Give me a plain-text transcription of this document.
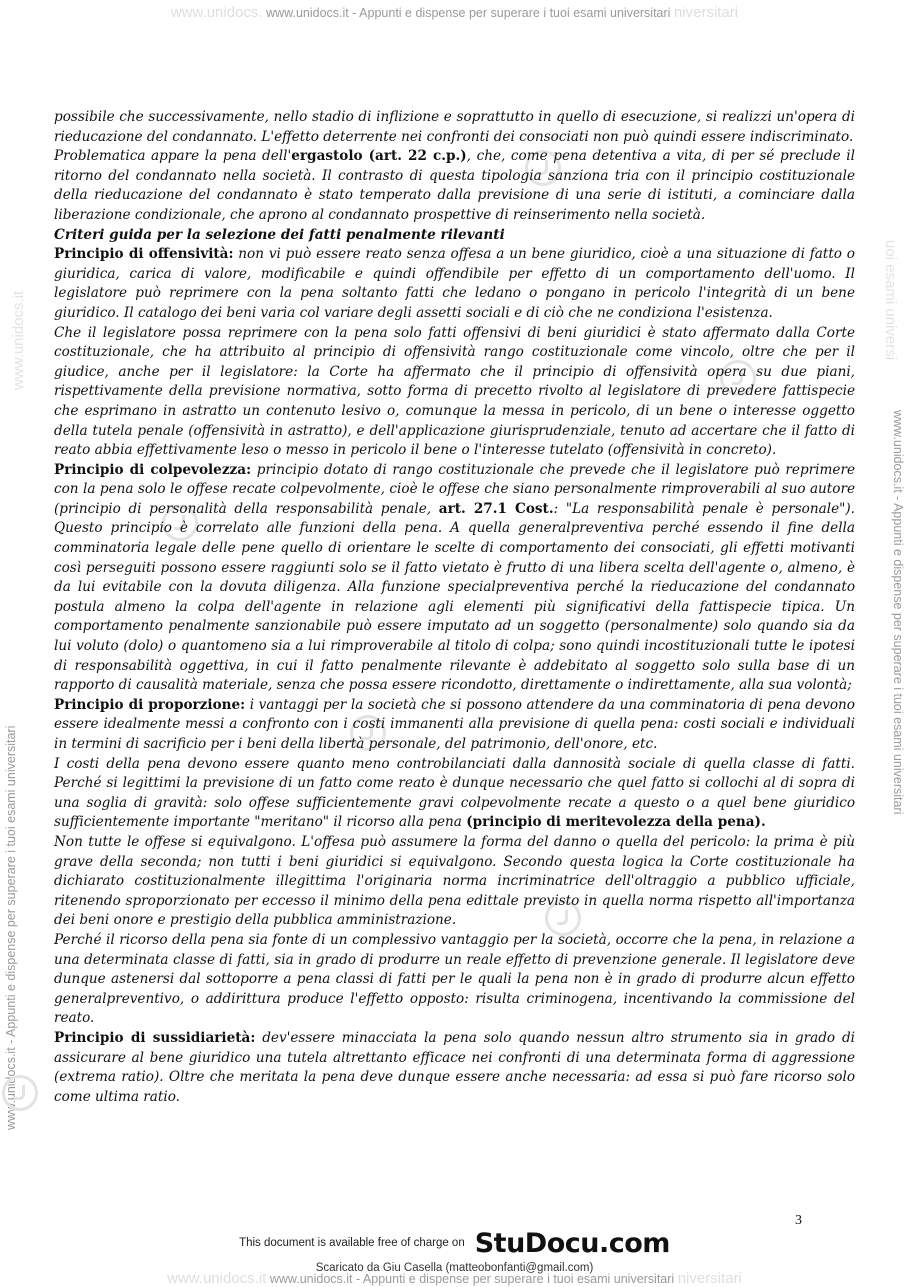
www.unidocs. www.unidocs.it - Appunti e dispense per superare i tuoi esami universitari niversitari
www.unidocs.it - Appunti e dispense per superare i tuoi esami universitari
www.unidocs.it - Appunti e dispense per superare i tuoi esami universitari
www.unidocs.it	uoi esami universi

possibile che successivamente, nello stadio di inflizione e soprattutto in quello di esecuzione, si realizzi un'opera di rieducazione del condannato. L'effetto deterrente nei confronti dei consociati non può quindi essere indiscriminato.

Problematica appare la pena dell'ergastolo (art. 22 c.p.), che, come pena detentiva a vita, di per sé preclude il ritorno del condannato nella società. Il contrasto di questa tipologia sanziona tria con il principio costituzionale della rieducazione del condannato è stato temperato dalla previsione di una serie di istituti, a cominciare dalla liberazione condizionale, che aprono al condannato prospettive di reinserimento nella società.

Criteri guida per la selezione dei fatti penalmente rilevanti

Principio di offensività: non vi può essere reato senza offesa a un bene giuridico, cioè a una situazione di fatto o giuridica, carica di valore, modificabile e quindi offendibile per effetto di un comportamento dell'uomo. Il legislatore può reprimere con la pena soltanto fatti che ledano o pongano in pericolo l'integrità di un bene giuridico. Il catalogo dei beni varia col variare degli assetti sociali e di ciò che ne condiziona l'esistenza.

Che il legislatore possa reprimere con la pena solo fatti offensivi di beni giuridici è stato affermato dalla Corte costituzionale, che ha attribuito al principio di offensività rango costituzionale come vincolo, oltre che per il giudice, anche per il legislatore: la Corte ha affermato che il principio di offensività opera su due piani, rispettivamente della previsione normativa, sotto forma di precetto rivolto al legislatore di prevedere fattispecie che esprimano in astratto un contenuto lesivo o, comunque la messa in pericolo, di un bene o interesse oggetto della tutela penale (offensività in astratto), e dell'applicazione giurisprudenziale, tenuto ad accertare che il fatto di reato abbia effettivamente leso o messo in pericolo il bene o l'interesse tutelato (offensività in concreto).

Principio di colpevolezza: principio dotato di rango costituzionale che prevede che il legislatore può reprimere con la pena solo le offese recate colpevolmente, cioè le offese che siano personalmente rimproverabili al suo autore (principio di personalità della responsabilità penale, art. 27.1 Cost.: "La responsabilità penale è personale"). Questo principio è correlato alle funzioni della pena. A quella generalpreventiva perché essendo il fine della comminatoria legale delle pene quello di orientare le scelte di comportamento dei consociati, gli effetti motivanti così perseguiti possono essere raggiunti solo se il fatto vietato è frutto di una libera scelta dell'agente o, almeno, è da lui evitabile con la dovuta diligenza. Alla funzione specialpreventiva perché la rieducazione del condannato postula almeno la colpa dell'agente in relazione agli elementi più significativi della fattispecie tipica. Un comportamento penalmente sanzionabile può essere imputato ad un soggetto (personalmente) solo quando sia da lui voluto (dolo) o quantomeno sia a lui rimproverabile al titolo di colpa; sono quindi incostituzionali tutte le ipotesi di responsabilità oggettiva, in cui il fatto penalmente rilevante è addebitato al soggetto solo sulla base di un rapporto di causalità materiale, senza che possa essere ricondotto, direttamente o indirettamente, alla sua volontà;

Principio di proporzione: i vantaggi per la società che si possono attendere da una comminatoria di pena devono essere idealmente messi a confronto con i costi immanenti alla previsione di quella pena: costi sociali e individuali in termini di sacrificio per i beni della libertà personale, del patrimonio, dell'onore, etc.

I costi della pena devono essere quanto meno controbilanciati dalla dannosità sociale di quella classe di fatti. Perché si legittimi la previsione di un fatto come reato è dunque necessario che quel fatto si collochi al di sopra di una soglia di gravità: solo offese sufficientemente gravi colpevolmente recate a questo o a quel bene giuridico sufficientemente importante "meritano" il ricorso alla pena (principio di meritevolezza della pena).

Non tutte le offese si equivalgono. L'offesa può assumere la forma del danno o quella del pericolo: la prima è più grave della seconda; non tutti i beni giuridici si equivalgono. Secondo questa logica la Corte costituzionale ha dichiarato costituzionalmente illegittima l'originaria norma incriminatrice dell'oltraggio a pubblico ufficiale, ritenendo sproporzionato per eccesso il minimo della pena edittale previsto in quella norma rispetto all'importanza dei beni onore e prestigio della pubblica amministrazione.

Perché il ricorso della pena sia fonte di un complessivo vantaggio per la società, occorre che la pena, in relazione a una determinata classe di fatti, sia in grado di produrre un reale effetto di prevenzione generale. Il legislatore deve dunque astenersi dal sottoporre a pena classi di fatti per le quali la pena non è in grado di produrre alcun effetto generalpreventivo, o addirittura produce l'effetto opposto: risulta criminogena, incentivando la commissione del reato.

Principio di sussidiarietà: dev'essere minacciata la pena solo quando nessun altro strumento sia in grado di assicurare al bene giuridico una tutela altrettanto efficace nei confronti di una determinata forma di aggressione (extrema ratio). Oltre che meritata la pena deve dunque essere anche necessaria: ad essa si può fare ricorso solo come ultima ratio.

3
This document is available free of charge on StuDocu.com
Scaricato da Giu Casella (matteobonfanti@gmail.com)
www.unidocs.it www.unidocs.it - Appunti e dispense per superare i tuoi esami universitari niversitari
